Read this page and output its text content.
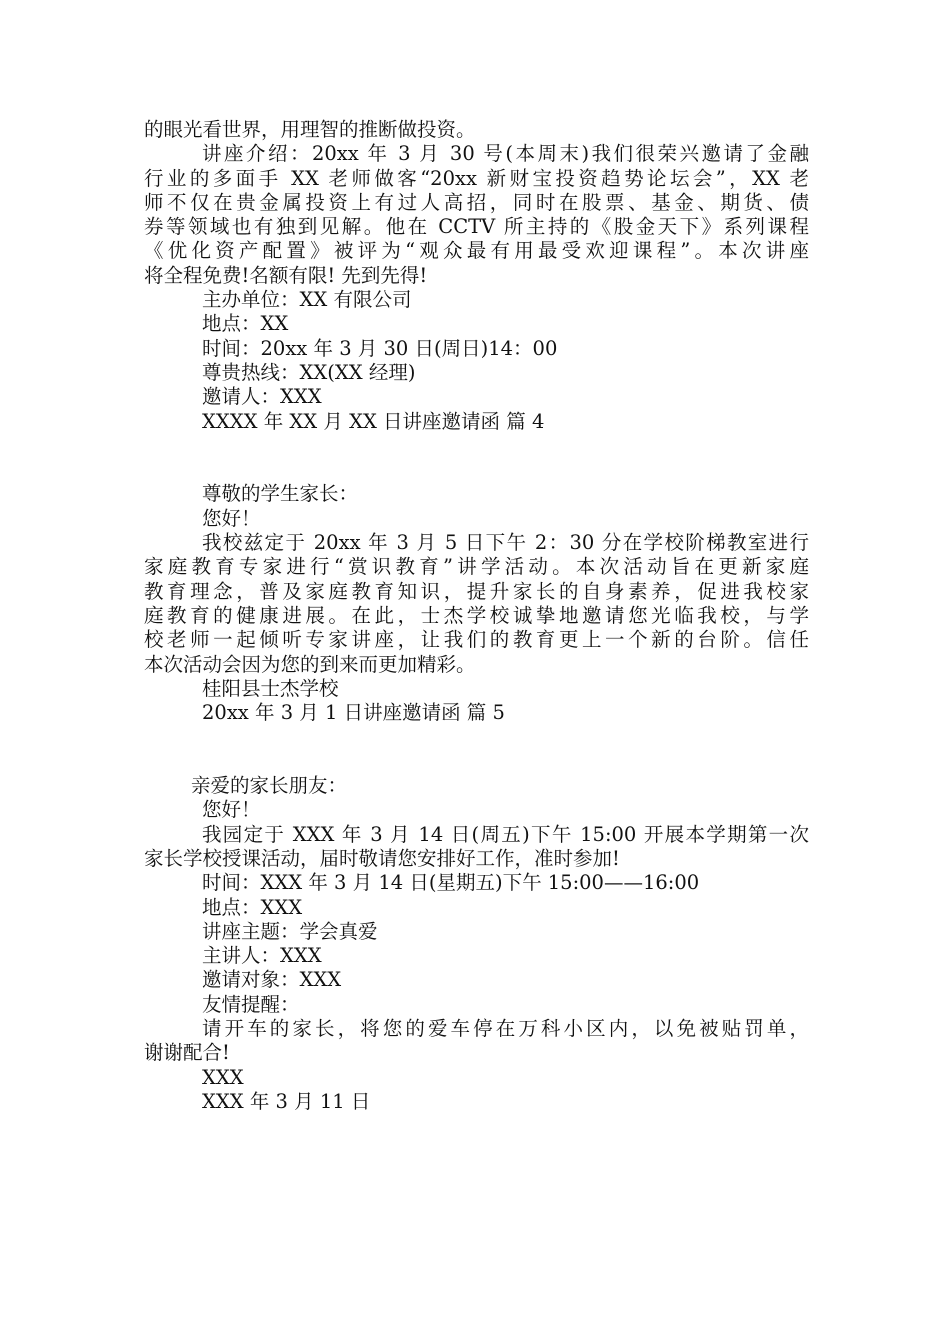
的眼光看世界，用理智的推断做投资。
讲座介绍：20xx 年 3 月 30 号(本周末)我们很荣兴邀请了金融
行业的多面手 XX 老师做客“20xx 新财宝投资趋势论坛会”，XX 老
师不仅在贵金属投资上有过人高招，同时在股票、基金、期货、债
券等领域也有独到见解。他在 CCTV 所主持的《股金天下》系列课程
《优化资产配置》被评为“观众最有用最受欢迎课程”。本次讲座
将全程免费!名额有限! 先到先得!
主办单位：XX 有限公司
地点：XX
时间：20xx 年 3 月 30 日(周日)14：00
尊贵热线：XX(XX 经理)
邀请人：XXX
XXXX 年 XX 月 XX 日讲座邀请函 篇 4
尊敬的学生家长：
您好！
我校兹定于 20xx 年 3 月 5 日下午 2：30 分在学校阶梯教室进行
家庭教育专家进行“赏识教育”讲学活动。本次活动旨在更新家庭
教育理念，普及家庭教育知识，提升家长的自身素养，促进我校家
庭教育的健康进展。在此，士杰学校诚挚地邀请您光临我校，与学
校老师一起倾听专家讲座，让我们的教育更上一个新的台阶。信任
本次活动会因为您的到来而更加精彩。
桂阳县士杰学校
20xx 年 3 月 1 日讲座邀请函 篇 5
亲爱的家长朋友：
您好！
我园定于 XXX 年 3 月 14 日(周五)下午 15:00 开展本学期第一次
家长学校授课活动，届时敬请您安排好工作，准时参加!
时间：XXX 年 3 月 14 日(星期五)下午 15:00——16:00
地点：XXX
讲座主题：学会真爱
主讲人：XXX
邀请对象：XXX
友情提醒：
请开车的家长，将您的爱车停在万科小区内，以免被贴罚单，
谢谢配合!
XXX
XXX 年 3 月 11 日
